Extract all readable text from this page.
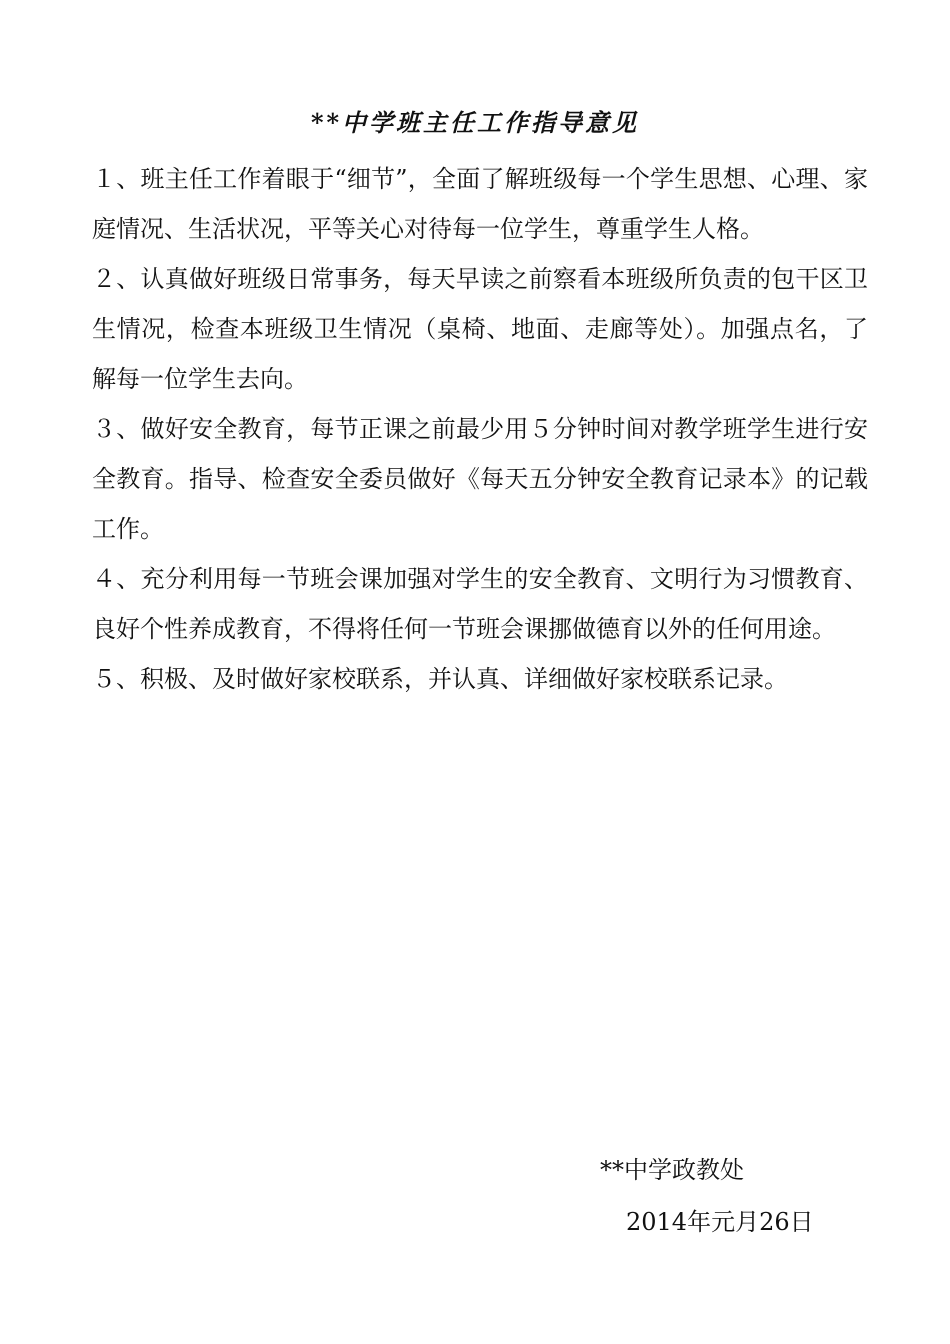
**中学班主任工作指导意见

１、班主任工作着眼于“细节”，全面了解班级每一个学生思想、心理、家庭情况、生活状况，平等关心对待每一位学生，尊重学生人格。

２、认真做好班级日常事务，每天早读之前察看本班级所负责的包干区卫生情况，检查本班级卫生情况（桌椅、地面、走廊等处）。加强点名，了解每一位学生去向。

３、做好安全教育，每节正课之前最少用５分钟时间对教学班学生进行安全教育。指导、检查安全委员做好《每天五分钟安全教育记录本》的记载工作。

４、充分利用每一节班会课加强对学生的安全教育、文明行为习惯教育、良好个性养成教育，不得将任何一节班会课挪做德育以外的任何用途。

５、积极、及时做好家校联系，并认真、详细做好家校联系记录。

**中学政教处
2014年元月26日
